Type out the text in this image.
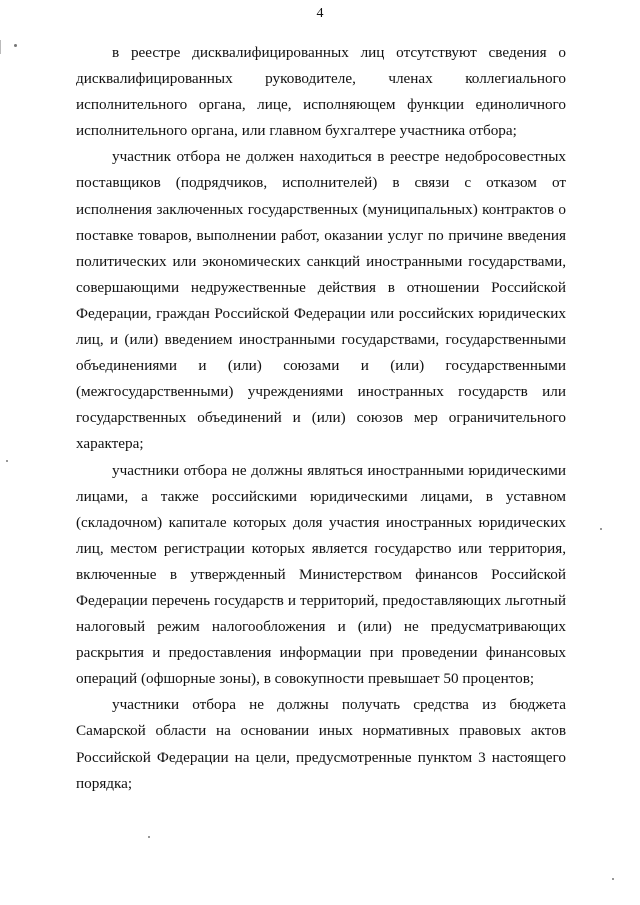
4

в реестре дисквалифицированных лиц отсутствуют сведения о дисквалифицированных руководителе, членах коллегиального исполнительного органа, лице, исполняющем функции единоличного исполнительного органа, или главном бухгалтере участника отбора;

участник отбора не должен находиться в реестре недобросовестных поставщиков (подрядчиков, исполнителей) в связи с отказом от исполнения заключенных государственных (муниципальных) контрактов о поставке товаров, выполнении работ, оказании услуг по причине введения политических или экономических санкций иностранными государствами, совершающими недружественные действия в отношении Российской Федерации, граждан Российской Федерации или российских юридических лиц, и (или) введением иностранными государствами, государственными объединениями и (или) союзами и (или) государственными (межгосударственными) учреждениями иностранных государств или государственных объединений и (или) союзов мер ограничительного характера;

участники отбора не должны являться иностранными юридическими лицами, а также российскими юридическими лицами, в уставном (складочном) капитале которых доля участия иностранных юридических лиц, местом регистрации которых является государство или территория, включенные в утвержденный Министерством финансов Российской Федерации перечень государств и территорий, предоставляющих льготный налоговый режим налогообложения и (или) не предусматривающих раскрытия и предоставления информации при проведении финансовых операций (офшорные зоны), в совокупности превышает 50 процентов;

участники отбора не должны получать средства из бюджета Самарской области на основании иных нормативных правовых актов Российской Федерации на цели, предусмотренные пунктом 3 настоящего порядка;
